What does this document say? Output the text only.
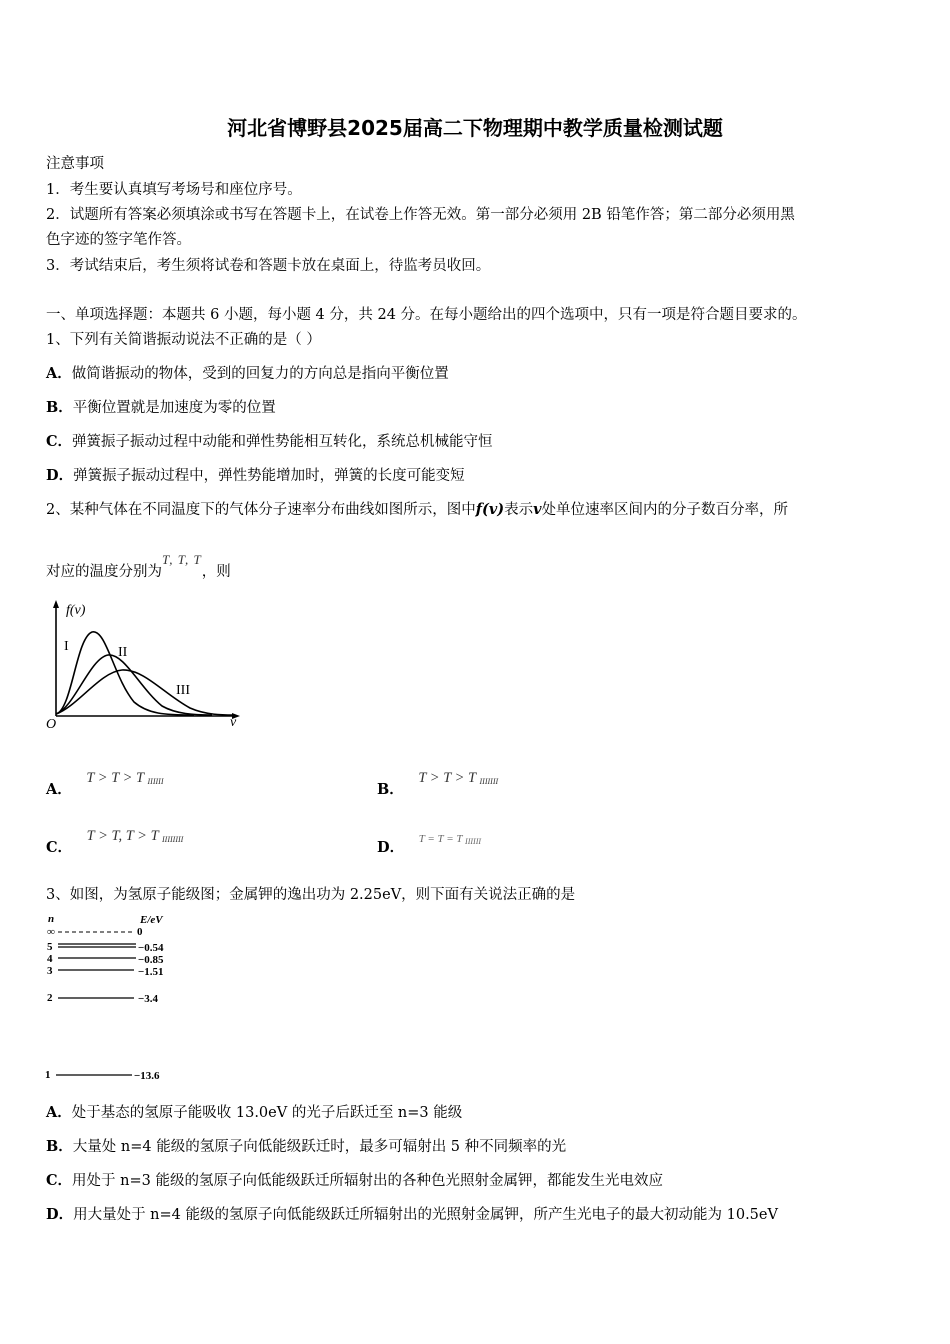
河北省博野县2025届高二下物理期中教学质量检测试题
注意事项
1．考生要认真填写考场号和座位序号。
2．试题所有答案必须填涂或书写在答题卡上，在试卷上作答无效。第一部分必须用 2B 铅笔作答；第二部分必须用黑
色字迹的签字笔作答。
3．考试结束后，考生须将试卷和答题卡放在桌面上，待监考员收回。
一、单项选择题：本题共 6 小题，每小题 4 分，共 24 分。在每小题给出的四个选项中，只有一项是符合题目要求的。
1、下列有关简谐振动说法不正确的是（ ）
A．做简谐振动的物体，受到的回复力的方向总是指向平衡位置
B．平衡位置就是加速度为零的位置
C．弹簧振子振动过程中动能和弹性势能相互转化，系统总机械能守恒
D．弹簧振子振动过程中，弹性势能增加时，弹簧的长度可能变短
2、某种气体在不同温度下的气体分子速率分布曲线如图所示，图中f(v)表示v处单位速率区间内的分子数百分率，所
对应的温度分别为T, T, T，则
f(v)
v
O
I	II
III
A． T > T > T $_{IIIIII}$	B． T > T > T $_{IIIIIII}$
C． T > T, T > T $_{IIIIIIII}$	D． $^{T = T = T _{IIIIII}}$
3、如图，为氢原子能级图；金属钾的逸出功为 2.25eV，则下面有关说法正确的是
n	E/eV
∞	0
5	−0.54
4	−0.85
3	−1.51
2	−3.4
1	−13.6
A．处于基态的氢原子能吸收 13.0eV 的光子后跃迁至 n=3 能级
B．大量处 n=4 能级的氢原子向低能级跃迁时，最多可辐射出 5 种不同频率的光
C．用处于 n=3 能级的氢原子向低能级跃迁所辐射出的各种色光照射金属钾，都能发生光电效应
D．用大量处于 n=4 能级的氢原子向低能级跃迁所辐射出的光照射金属钾，所产生光电子的最大初动能为 10.5eV
